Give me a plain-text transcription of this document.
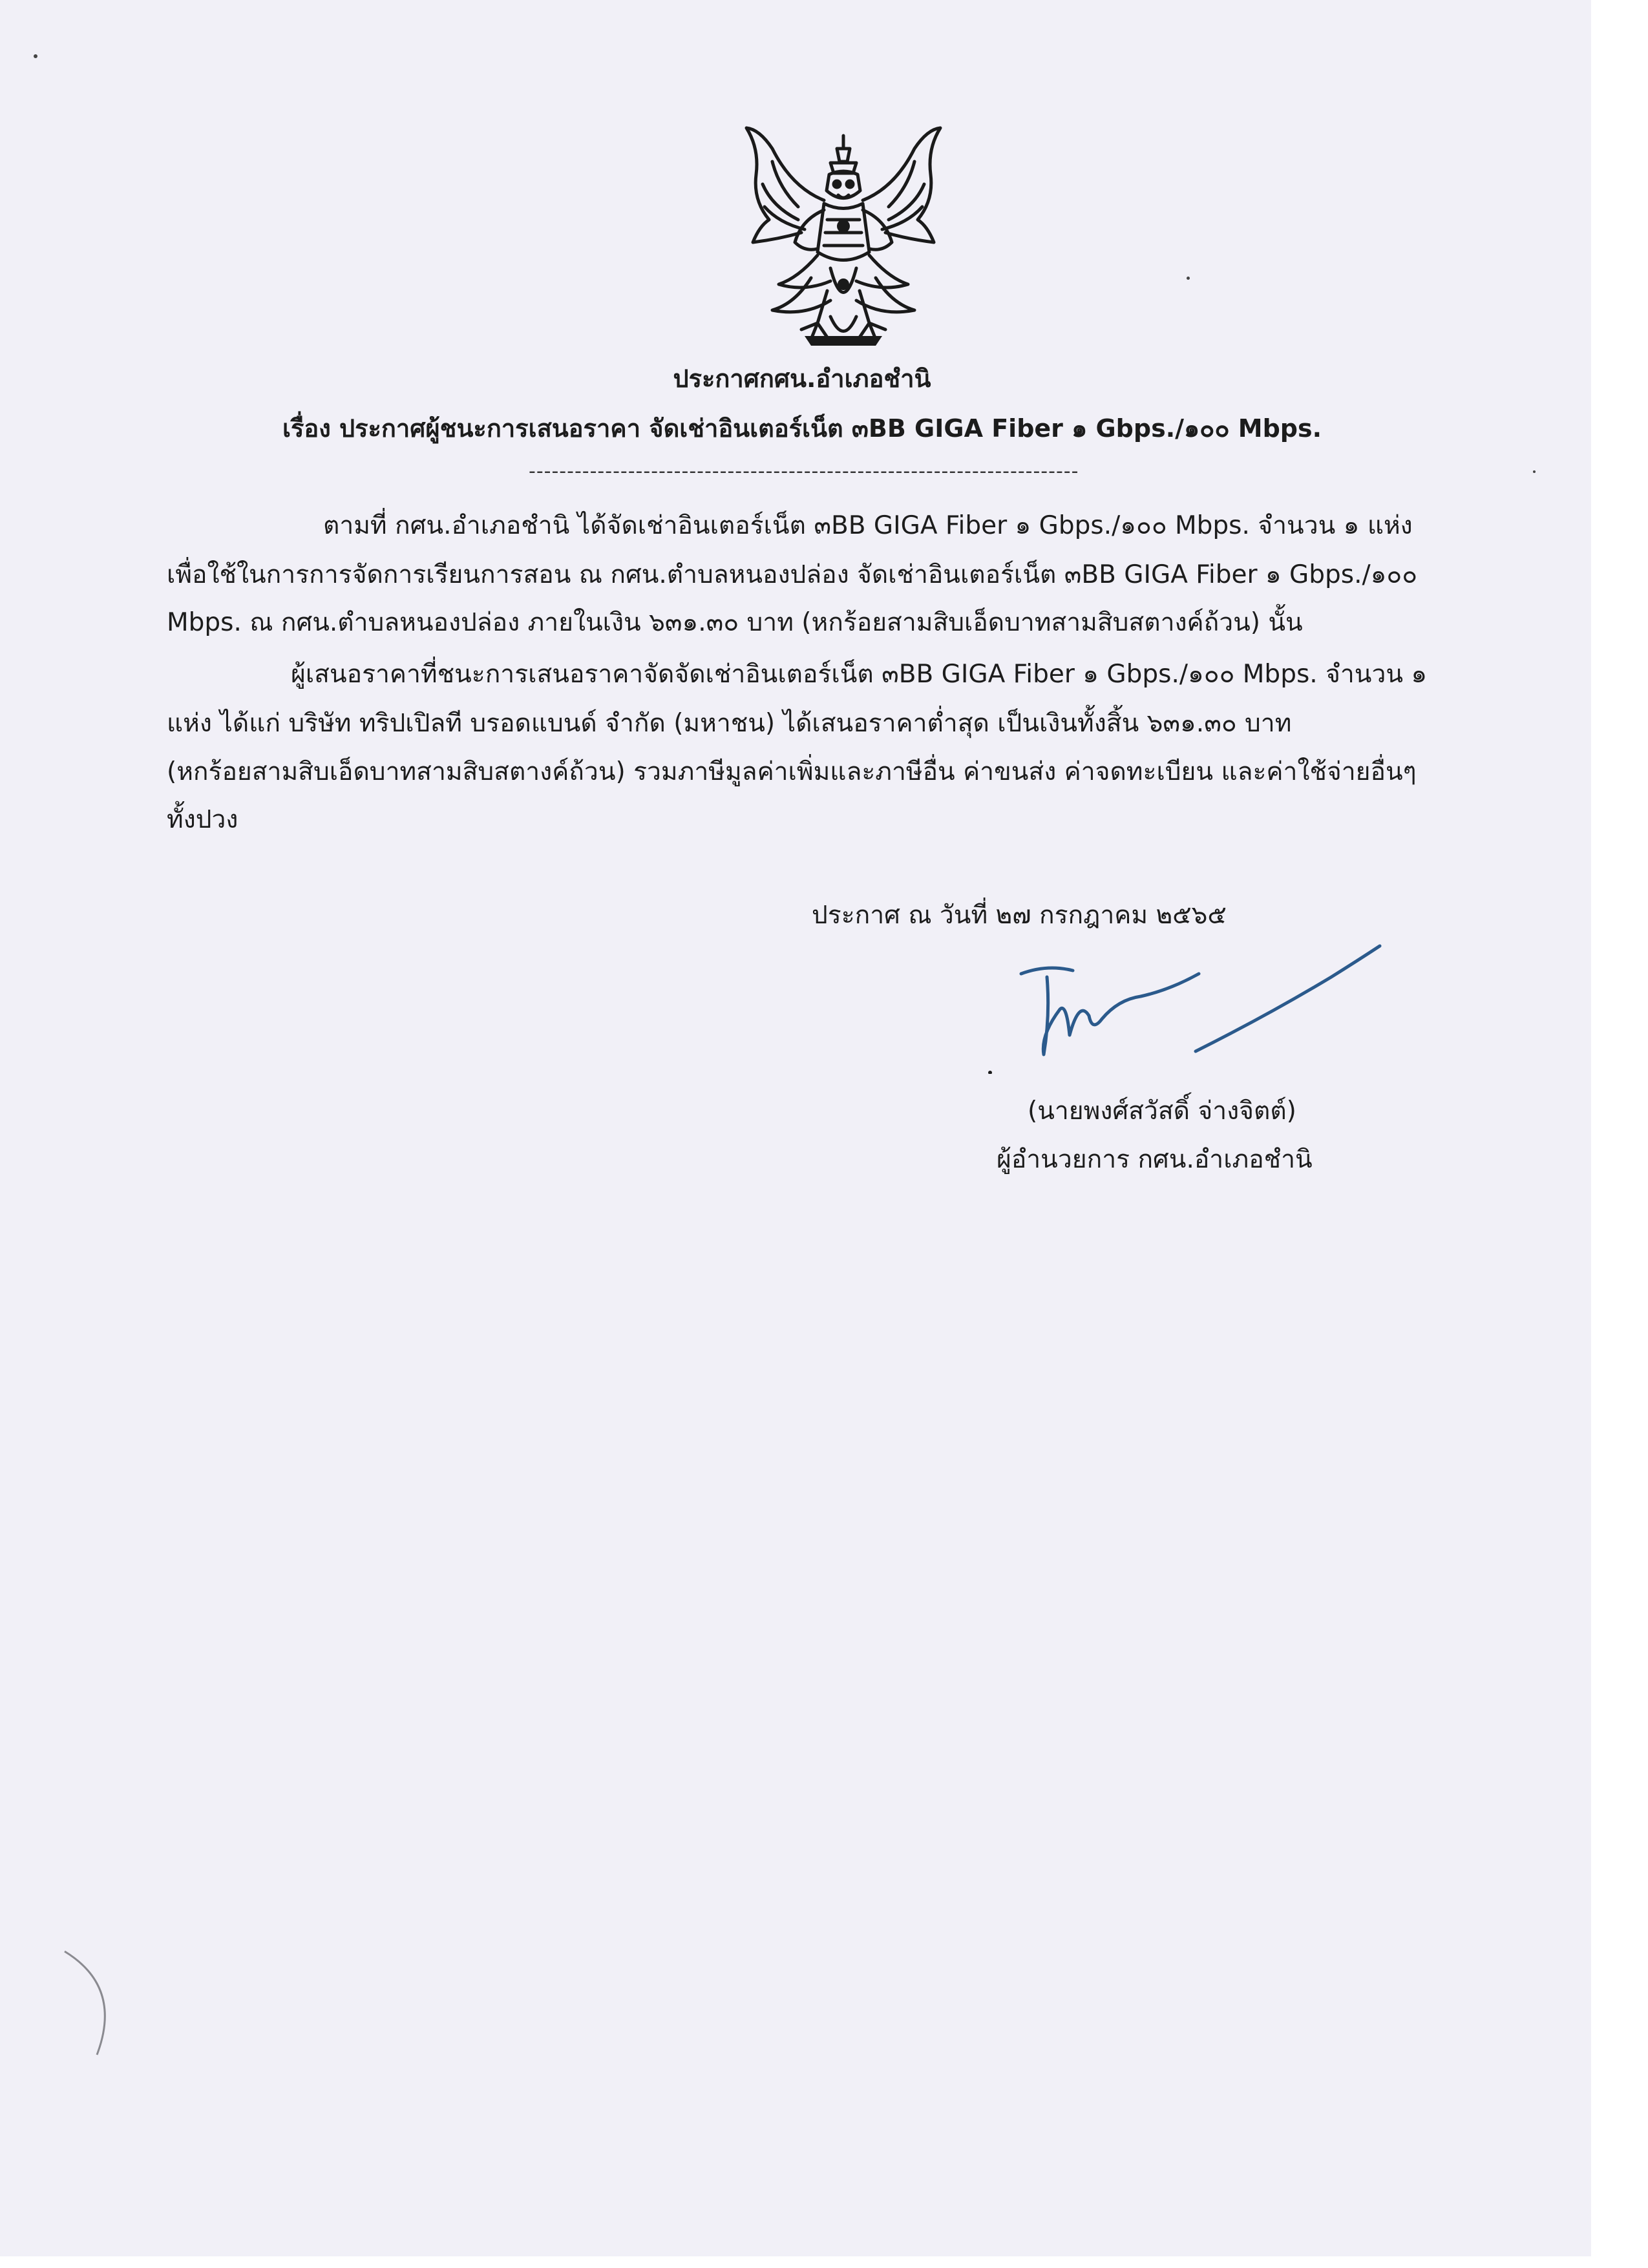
ประกาศกศน.อำเภอชำนิ
เรื่อง ประกาศผู้ชนะการเสนอราคา จัดเช่าอินเตอร์เน็ต ๓BB GIGA Fiber ๑ Gbps./๑๐๐ Mbps.
------------------------------------------------------------------------
ตามที่ กศน.อำเภอชำนิ ได้จัดเช่าอินเตอร์เน็ต ๓BB GIGA Fiber ๑ Gbps./๑๐๐ Mbps. จำนวน ๑ แห่ง
เพื่อใช้ในการการจัดการเรียนการสอน ณ กศน.ตำบลหนองปล่อง จัดเช่าอินเตอร์เน็ต ๓BB GIGA Fiber ๑ Gbps./๑๐๐
Mbps. ณ กศน.ตำบลหนองปล่อง ภายในเงิน ๖๓๑.๓๐ บาท (หกร้อยสามสิบเอ็ดบาทสามสิบสตางค์ถ้วน) นั้น
ผู้เสนอราคาที่ชนะการเสนอราคาจัดจัดเช่าอินเตอร์เน็ต ๓BB GIGA Fiber ๑ Gbps./๑๐๐ Mbps. จำนวน ๑
แห่ง ได้แก่ บริษัท ทริปเปิลที บรอดแบนด์ จำกัด (มหาชน) ได้เสนอราคาต่ำสุด เป็นเงินทั้งสิ้น ๖๓๑.๓๐ บาท
(หกร้อยสามสิบเอ็ดบาทสามสิบสตางค์ถ้วน) รวมภาษีมูลค่าเพิ่มและภาษีอื่น ค่าขนส่ง ค่าจดทะเบียน และค่าใช้จ่ายอื่นๆ
ทั้งปวง
ประกาศ ณ วันที่ ๒๗ กรกฎาคม ๒๕๖๕
(นายพงศ์สวัสดิ์ จ่างจิตต์)
ผู้อำนวยการ กศน.อำเภอชำนิ
